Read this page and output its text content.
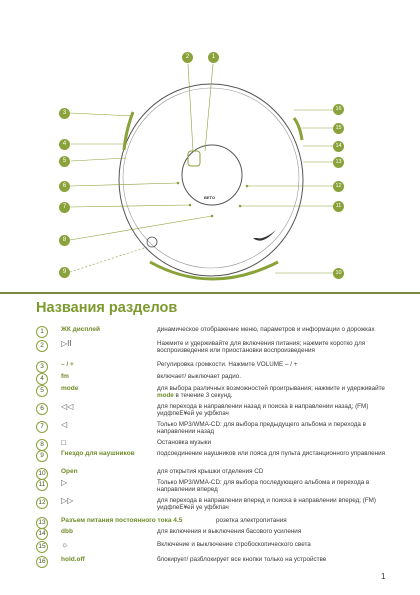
ВЕТО
2	1
3
4
5
6
7
8
9
16
15
14
13
12
11
10
Названия разделов
1	ЖК дисплей	динамическое отображение меню, параметров и информации о дорожках
2	▷II	Нажмите и удерживайте для включения питания; нажмите коротко для воспроизведения или приостановки воспроизведения
3	– / +	Регулировка громкости. Нажмите VOLUME – / +
4	fm	включает/ выключает радио.
5	mode	для выбора различных возможностей проигрывания; нажмите и удерживайте mode в течение 3 секунд.
6	◁◁	для перехода в направлении назад и поиска в направлении назад; (FM) уидфпеЕ¥ей уе уфбкпач
7	◁	Только MP3/WMA-CD: для выбора предыдущего альбома и перехода в направлении назад
8	□	Остановка музыки
9	Гнездо для наушников	подсоединение наушников или пояса для пульта дистанционного управления
10	Open	для открытия крышки отделения CD
11	▷	Только MP3/WMA-CD: для выбора последующего альбома и перехода в направлении вперед
12 ▷▷	для перехода в направлении вперед и поиска в направлении вперед; (FM) уидфпеЕ¥ей уе уфбкпач
13	Разъем питания постоянного тока 4.5	розетка электропитания
14	dbb	для включения и выключения басового усиления
15 ☼	Включение и выключение стробоскопического света
16	hold.off	блокирует/ разблокирует все кнопки только на устройстве
1
